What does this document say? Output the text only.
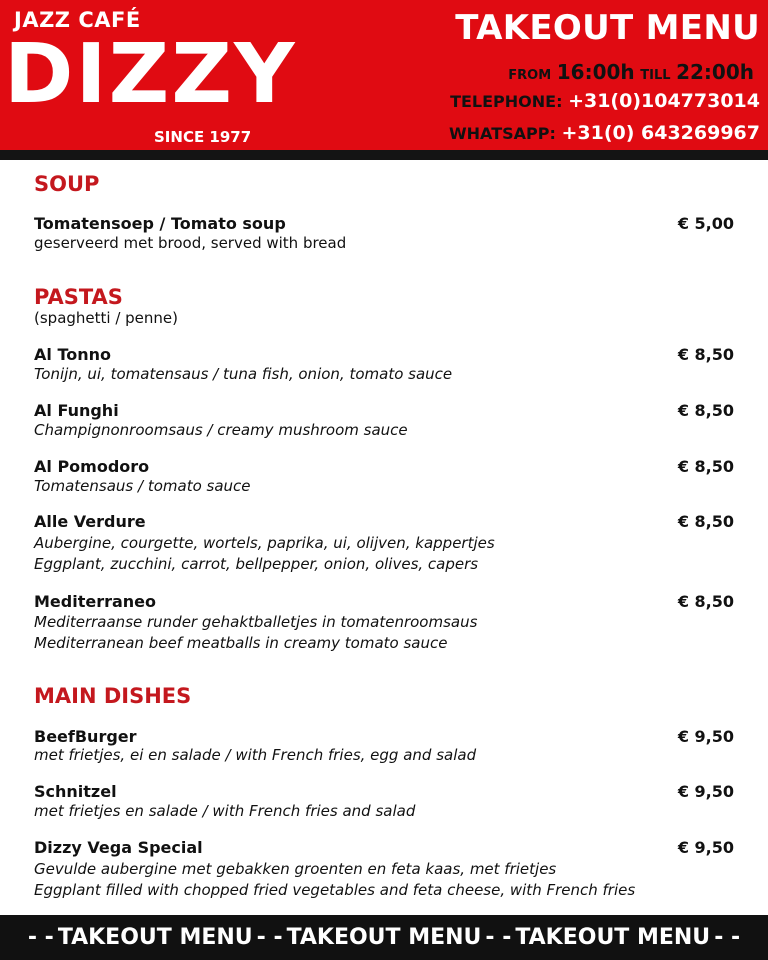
JAZZ CAFÉ
DIZZY
SINCE 1977
TAKEOUT MENU
FROM 16:00h TILL 22:00h
TELEPHONE: +31(0)104773014
WHATSAPP: +31(0) 643269967
SOUP
Tomatensoep / Tomato soup	€ 5,00
geserveerd met brood, served with bread
PASTAS
(spaghetti / penne)
Al Tonno	€ 8,50
Tonijn, ui, tomatensaus / tuna fish, onion, tomato sauce
Al Funghi	€ 8,50
Champignonroomsaus / creamy mushroom sauce
Al Pomodoro	€ 8,50
Tomatensaus / tomato sauce
Alle Verdure	€ 8,50
Aubergine, courgette, wortels, paprika, ui, olijven, kappertjes
Eggplant, zucchini, carrot, bellpepper, onion, olives, capers
Mediterraneo	€ 8,50
Mediterraanse runder gehaktballetjes in tomatenroomsaus
Mediterranean beef meatballs in creamy tomato sauce
MAIN DISHES
BeefBurger	€ 9,50
met frietjes, ei en salade / with French fries, egg and salad
Schnitzel	€ 9,50
met frietjes en salade / with French fries and salad
Dizzy Vega Special	€ 9,50
Gevulde aubergine met gebakken groenten en feta kaas, met frietjes
Eggplant filled with chopped fried vegetables and feta cheese, with French fries
- - TAKEOUT MENU - - TAKEOUT MENU - - TAKEOUT MENU - -
